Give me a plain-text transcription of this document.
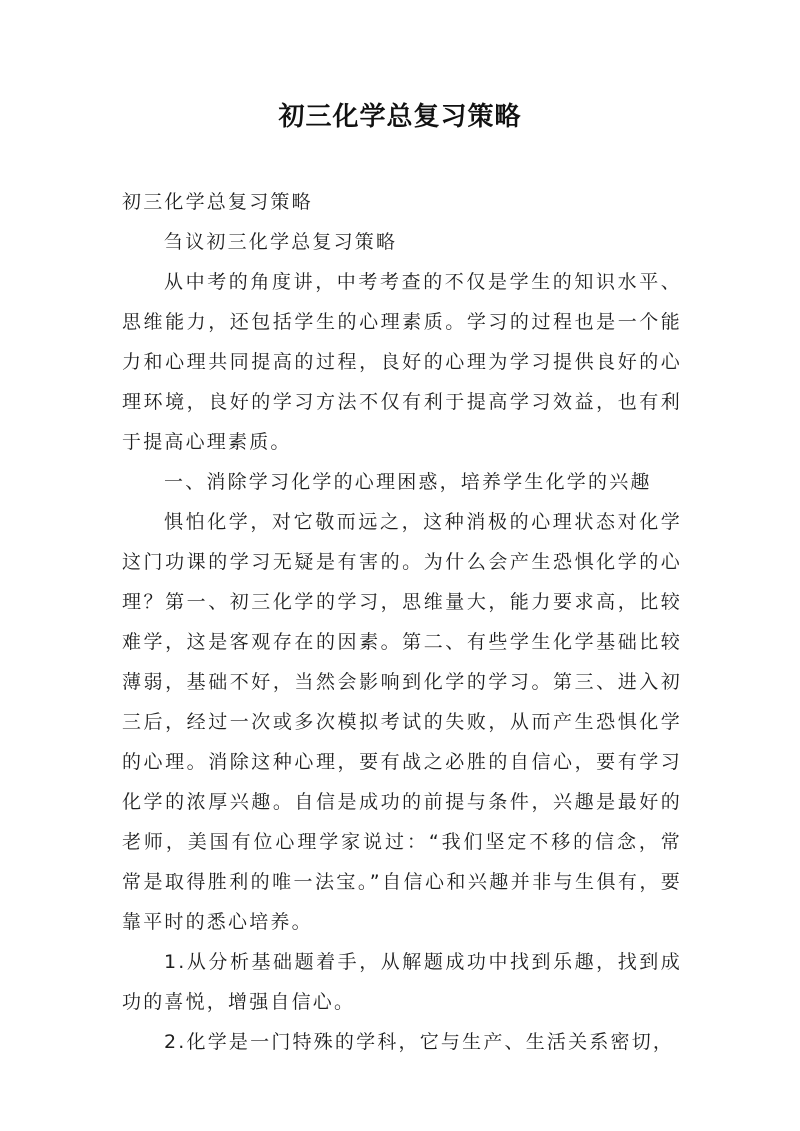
初三化学总复习策略

初三化学总复习策略

刍议初三化学总复习策略

从中考的角度讲，中考考查的不仅是学生的知识水平、思维能力，还包括学生的心理素质。学习的过程也是一个能力和心理共同提高的过程，良好的心理为学习提供良好的心理环境，良好的学习方法不仅有利于提高学习效益，也有利于提高心理素质。

一、消除学习化学的心理困惑，培养学生化学的兴趣

惧怕化学，对它敬而远之，这种消极的心理状态对化学这门功课的学习无疑是有害的。为什么会产生恐惧化学的心理？第一、初三化学的学习，思维量大，能力要求高，比较难学，这是客观存在的因素。第二、有些学生化学基础比较薄弱，基础不好，当然会影响到化学的学习。第三、进入初三后，经过一次或多次模拟考试的失败，从而产生恐惧化学的心理。消除这种心理，要有战之必胜的自信心，要有学习化学的浓厚兴趣。自信是成功的前提与条件，兴趣是最好的老师，美国有位心理学家说过：“我们坚定不移的信念，常常是取得胜利的唯一法宝。”自信心和兴趣并非与生俱有，要靠平时的悉心培养。

1.从分析基础题着手，从解题成功中找到乐趣，找到成功的喜悦，增强自信心。

2.化学是一门特殊的学科，它与生产、生活关系密切，
